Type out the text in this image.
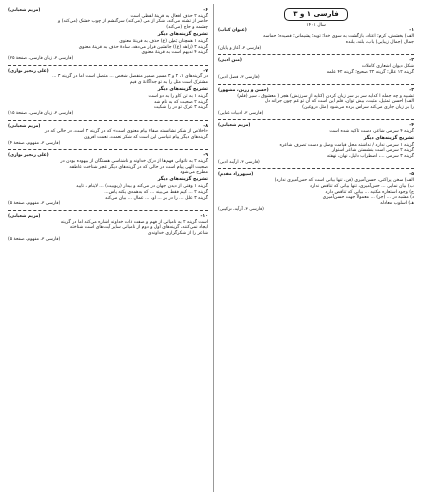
فارسی ۱ و ۳
سال ۱۴۰۱
۱-
(عنوان کتاب)
الف) بخشش، کرم؛ اعتاد، بازگشت به سوی خدا؛ توبه؛ پشیمانی؛ قصیده؛ حماسه
جمال (جمال زیبایی) باب، بلند، بلنده
(فارسی ۳، آغاز و پایان)
۲-
(متن ادبی)
شکل دیوان اشعاری کاملات
گزینه ۱۲ علل؛ گزینه ۲۲ صحیح؛ گزینه ۴۲ علمه
(فارسی ۳، فضل ادبی)
۳-
(حسن و زرین، مشهور)
تشبیه و چه جمله ا کدایه سر بر سر زبان کردن (کنایه از سرزنش) هجر ( معشوق ، سیر (قلم)
الف) احسن تمثیل، مثبت، بیش توان، قلم این است که آن تو غم چون جرانه دل
را بر زبان جاری می‌کند سراس برده می‌شود (مثل دروغین)
(فارسی ۳، ادبیات غنایی)
۴-
(مریم شعبانی)
گزینه ۴ سرمی شاعر، دست تاکید شده است
تشریح گزینه‌های دیگر
گزینه ۱ سرمی ندارد / نداشته محل قیامت وصل و دست تصرف شاعره
گزینه ۲ سرمی است بنشستن شاعر استوار
گزینه ۳ سرمی ...، اضطراب دلیل، نهان، نهفته
(فارسی ۳، ارآیند ادبی)
۵-
(سپهرزاد مقدم)
الف) سخن پراکنی، حسن‌آمیزی (فن، تنها بیانی است که حس‌آمیزی ندارد)
ب) بیان نمایی ... حس‌آمیزی، تنها بیانی که تناقض ندارد
ج) وجود استعاره مکنیه ... بیانی که تناقض دارد
د) مشبه در ... (جز) ... معمولاً جهت حسن‌آمیزی
هـ) اسلوب معادله
(فارسی ۳، آرآیه، ترکیبی)
۶-
(مریم شعبانی)
گزینه ۲ حذف افعال به قرینهٔ لفظی است
حاضر از تشنه می‌کند، شکر از می (می‌کند) سرگنشم از چوب خشک (می‌کند) و
چشمه و حاج (می‌کند)
تشریح گزینه‌های دیگر
گزینه ۱ همچنان بَطِن (ع) حذف به قرینهٔ معنوی
گزینه ۳ (زاهد (ع)) جانشین قرار می‌دهد، سادهٔ حذف به قرینهٔ معنوی
گزینه ۴ ندیهم است به قرینهٔ معنوی
(فارسی ۳، زبان فارسی، صفحهٔ ۲۵)
۷-
(علی زنجیر نوازی)
در گزینه‌های ۱، ۲ و ۳ مسیر ضمیر منفصل شخص ... متصل است اما در گزینه ۳ ...
مشترک است مثل را به تو جداگانهٔ ی قیم
تشریح گزینه‌های دیگر
گزینه ۱ به تن کاو را به دو است
گزینه ۲ صحبت که به نام شد
گزینه ۳ عرک تو در را شکیت
(فارسی ۳، زبان فارسی، صفحهٔ ۱۵)
۸-
(مریم شعبانی)
«اخلاص از شکر نشانسته صفاء بیام معنوی است» که در گزینه ۲ است، در حالی که در
گزینه‌های دیگر پیام تنیاسی این است که شکر نعمت، نعمت افزون
(فارسی ۳، مفهوم، صفحهٔ ۴)
۹-
(علی زنجیر نوازی)
گزینه ۲ به ناتوانی فهم‌ها از درک خداوند و ناشناسی هستگان از بیهوده بودن در
صحبت الهی پیام است در حالی که در گزینه‌های دیگر عجز شناخت عاطفه
مطرح می‌شود
تشریح گزینه‌های دیگر
گزینه ۱ وقتی از دیدن جهان در می‌کند و بیدار (ربوبیت) ... لاینام ، تایید
گزینه ۲ ... کیم فقط می‌بیند ... که به‌همه‌ی یکنه پاس...
گزینه ۳ علل ... را در بر ... او، ... عمال ... بیان می‌کند
(فارسی ۳، مفهوم، صفحهٔ ۵)
۱۰-
(مریم شعبانی)
است گزینه ۲ به نامیاتی از فهم و صفت ذات خداوند اشاره می‌کند اما در گزینه
ایجاد نمی‌کنند، گزینه‌های اول و دوم از نامیانی سایر آیت‌های است شناخته
شاعر را از شکرگزاری خداوندی
(فارسی ۳، مفهوم، صفحهٔ ۵)
